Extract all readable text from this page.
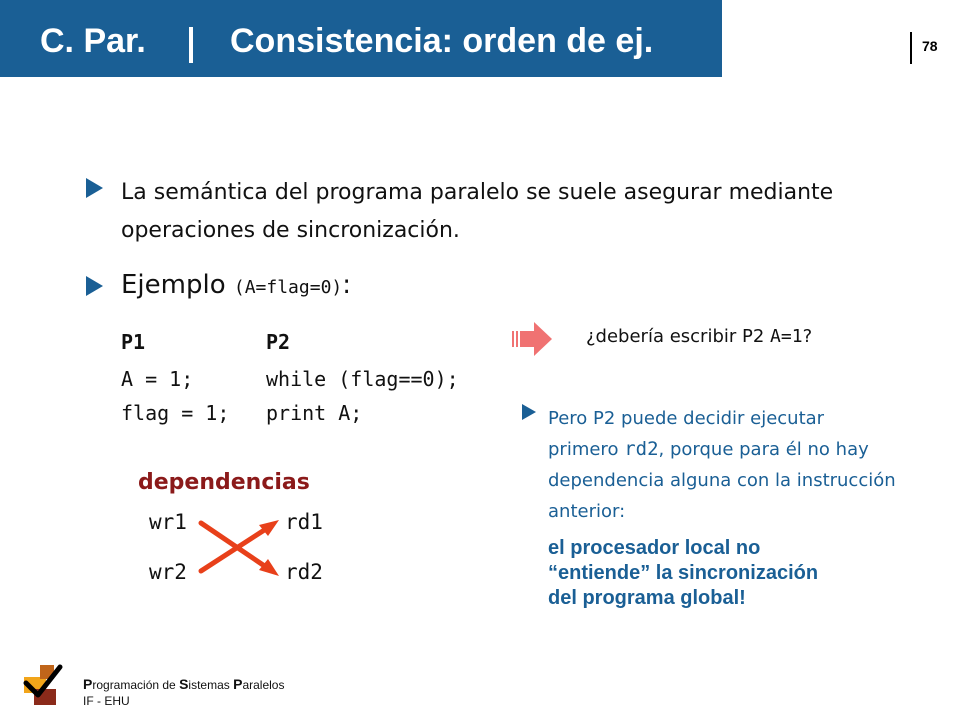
C. Par. Consistencia: orden de ej.	78
La semántica del programa paralelo se suele asegurar mediante operaciones de sincronización.
Ejemplo (A=flag=0):
P1	P2
A = 1;
flag = 1;
while (flag==0);
print A;
dependencias
wr1
wr2
rd1
rd2
¿debería escribir P2 A=1?
Pero P2 puede decidir ejecutar primero rd2, porque para él no hay dependencia alguna con la instrucción anterior:
el procesador local no
“entiende” la sincronización
del programa global!
Programación de Sistemas Paralelos
IF - EHU
